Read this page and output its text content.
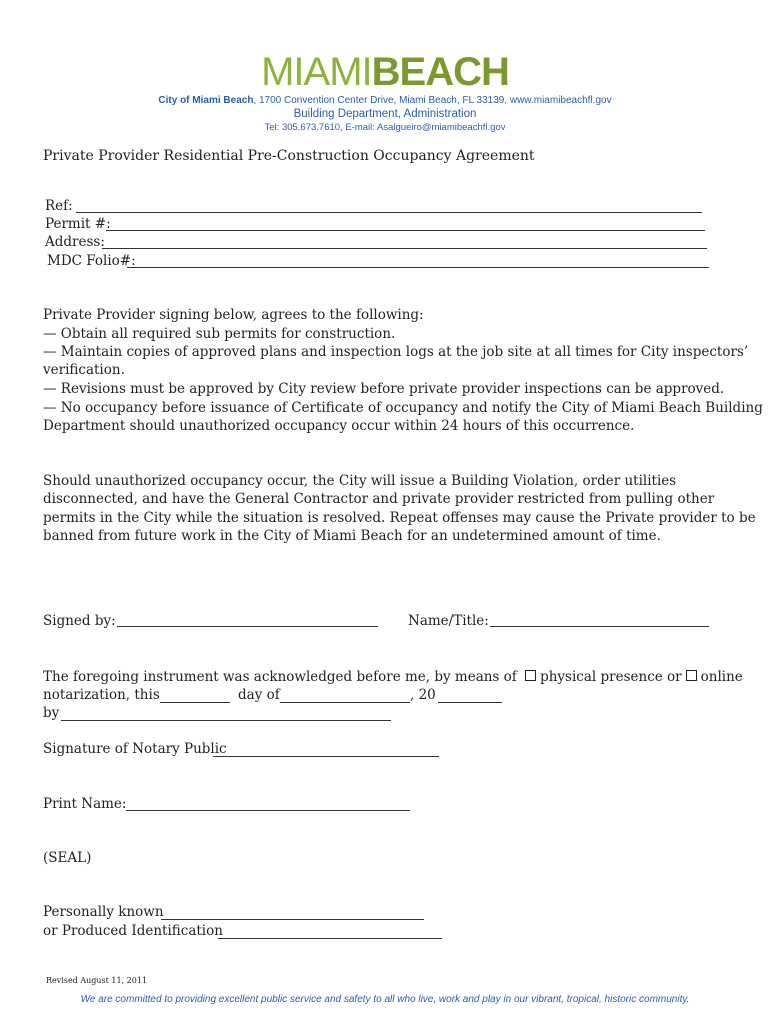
MIAMIBEACH
City of Miami Beach, 1700 Convention Center Drive, Miami Beach, FL 33139, www.miamibeachfl.gov
Building Department, Administration
Tel: 305.673.7610, E-mail: Asalgueiro@miamibeachfl.gov
Private Provider Residential Pre-Construction Occupancy Agreement
Ref:
Permit #:
Address:
MDC Folio#:
Private Provider signing below, agrees to the following:
— Obtain all required sub permits for construction.
— Maintain copies of approved plans and inspection logs at the job site at all times for City inspectors’
verification.
— Revisions must be approved by City review before private provider inspections can be approved.
— No occupancy before issuance of Certificate of occupancy and notify the City of Miami Beach Building
Department should unauthorized occupancy occur within 24 hours of this occurrence.
Should unauthorized occupancy occur, the City will issue a Building Violation, order utilities
disconnected, and have the General Contractor and private provider restricted from pulling other
permits in the City while the situation is resolved. Repeat offenses may cause the Private provider to be
banned from future work in the City of Miami Beach for an undetermined amount of time.
Signed by:	Name/Title:
The foregoing instrument was acknowledged before me, by means of physical presence or online
notarization, this	day of	, 20
by
Signature of Notary Public
Print Name:
(SEAL)
Personally known
or Produced Identification
Revised August 11, 2011
We are committed to providing excellent public service and safety to all who live, work and play in our vibrant, tropical, historic community.
